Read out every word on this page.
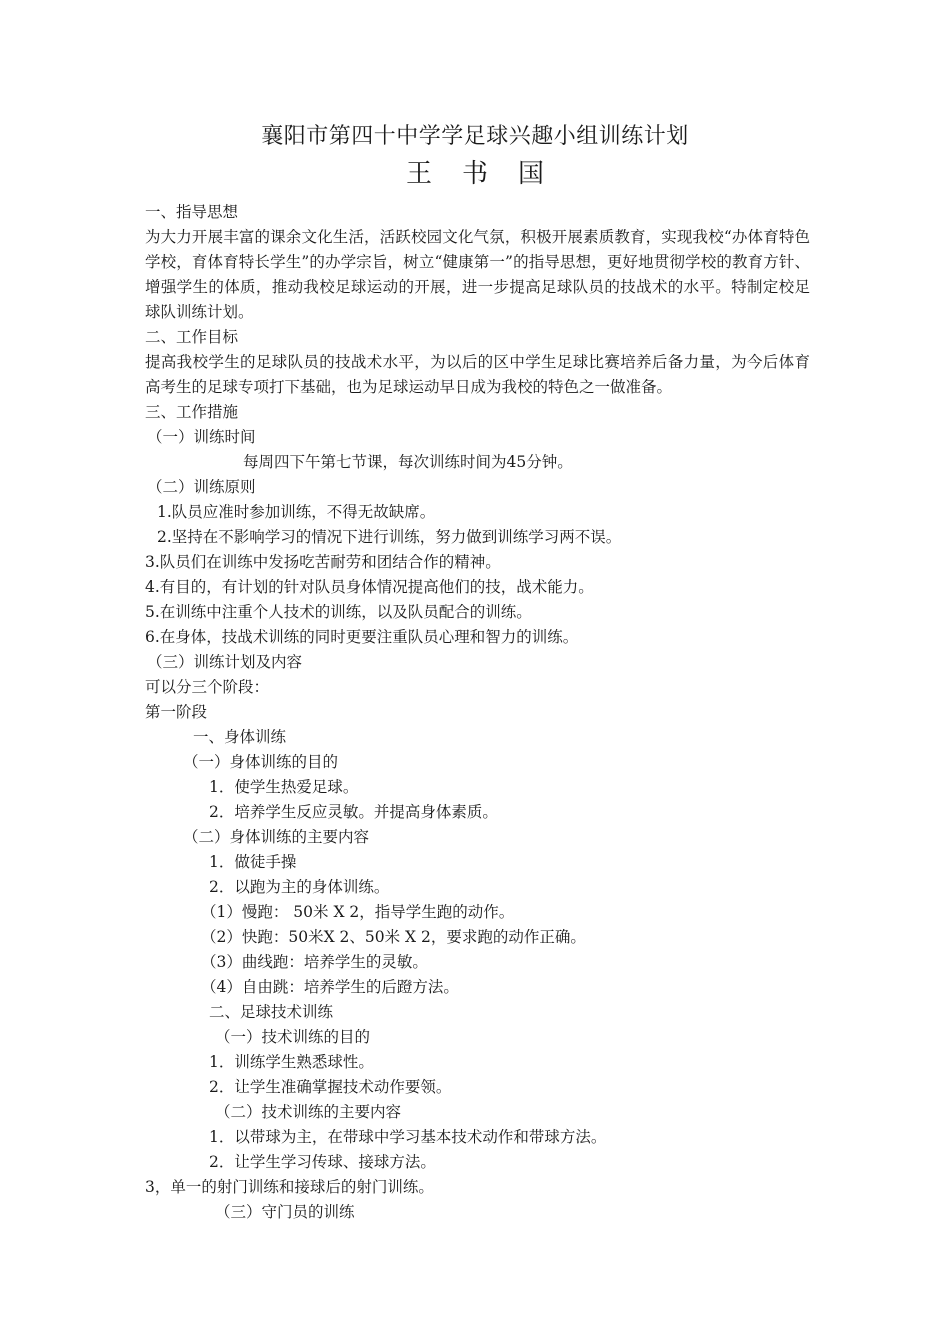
襄阳市第四十中学学足球兴趣小组训练计划
王书国
一、指导思想
为大力开展丰富的课余文化生活，活跃校园文化气氛，积极开展素质教育，实现我校“办体育特色学校，育体育特长学生”的办学宗旨，树立“健康第一”的指导思想，更好地贯彻学校的教育方针、增强学生的体质，推动我校足球运动的开展，进一步提高足球队员的技战术的水平。特制定校足球队训练计划。
二、工作目标
提高我校学生的足球队员的技战术水平，为以后的区中学生足球比赛培养后备力量，为今后体育高考生的足球专项打下基础，也为足球运动早日成为我校的特色之一做准备。
三、工作措施
（一）训练时间
每周四下午第七节课，每次训练时间为45分钟。
（二）训练原则
1.队员应准时参加训练，不得无故缺席。
2.坚持在不影响学习的情况下进行训练，努力做到训练学习两不误。
3.队员们在训练中发扬吃苦耐劳和团结合作的精神。
4.有目的，有计划的针对队员身体情况提高他们的技，战术能力。
5.在训练中注重个人技术的训练，以及队员配合的训练。
6.在身体，技战术训练的同时更要注重队员心理和智力的训练。
（三）训练计划及内容
可以分三个阶段：
第一阶段
一、身体训练
（一）身体训练的目的
1．使学生热爱足球。
2．培养学生反应灵敏。并提高身体素质。
（二）身体训练的主要内容
1．做徒手操
2．以跑为主的身体训练。
（1）慢跑： 50米 X 2，指导学生跑的动作。
（2）快跑：50米X 2、50米 X 2，要求跑的动作正确。
（3）曲线跑：培养学生的灵敏。
（4）自由跳：培养学生的后蹬方法。
二、足球技术训练
（一）技术训练的目的
1．训练学生熟悉球性。
2．让学生准确掌握技术动作要领。
（二）技术训练的主要内容
1．以带球为主，在带球中学习基本技术动作和带球方法。
2．让学生学习传球、接球方法。
3，单一的射门训练和接球后的射门训练。
（三）守门员的训练
